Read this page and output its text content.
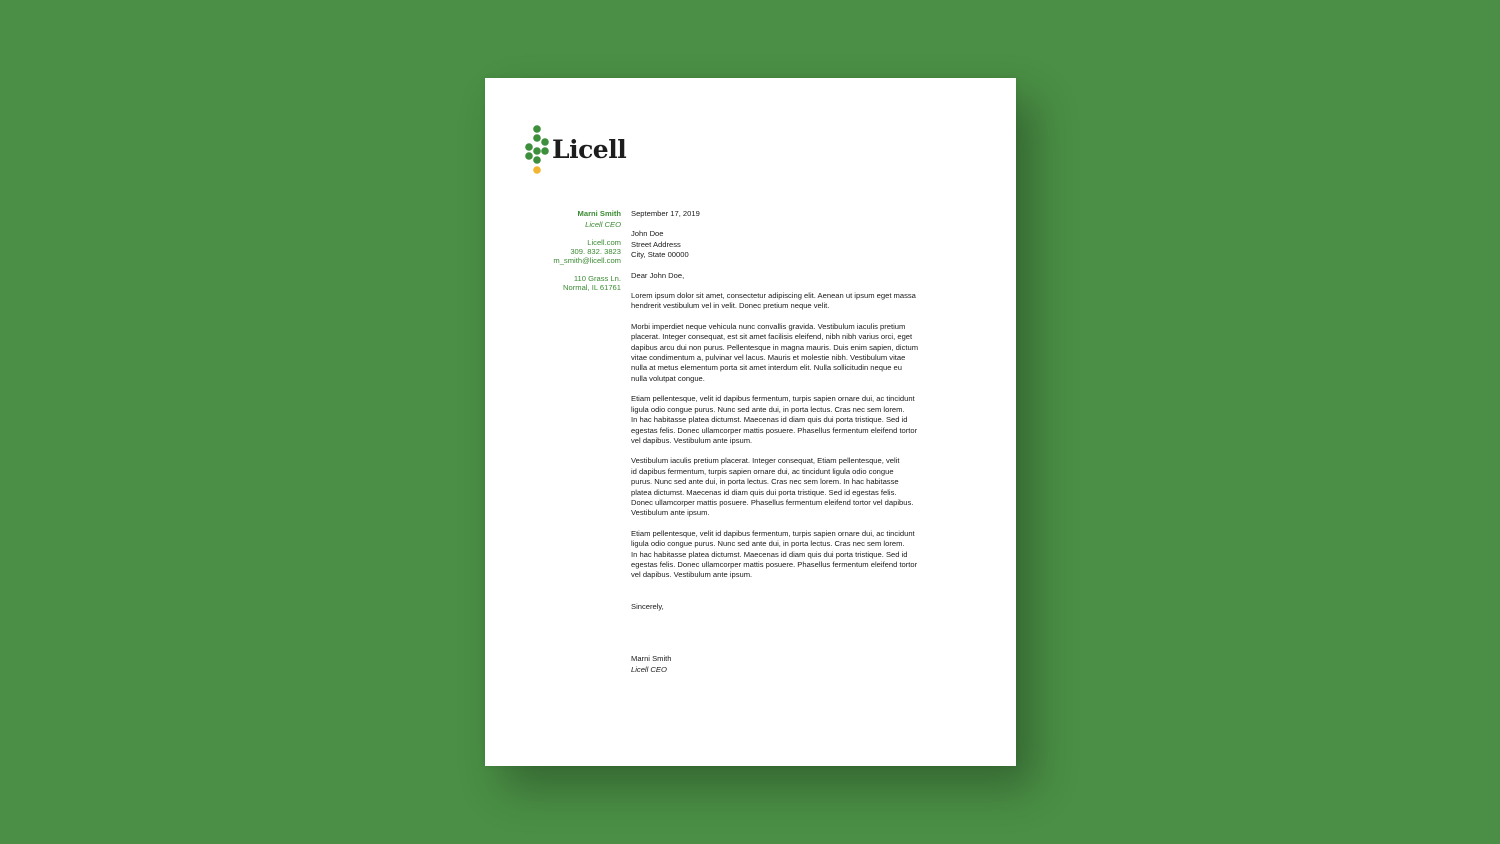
Licell
Marni Smith
Licell CEO
Licell.com
309. 832. 3823
m_smith@licell.com
110 Grass Ln.
Normal, IL 61761
September 17, 2019
John Doe
Street Address
City, State 00000
Dear John Doe,

Lorem ipsum dolor sit amet, consectetur adipiscing elit. Aenean ut ipsum eget massa
hendrerit vestibulum vel in velit. Donec pretium neque velit.

Morbi imperdiet neque vehicula nunc convallis gravida. Vestibulum iaculis pretium
placerat. Integer consequat, est sit amet facilisis eleifend, nibh nibh varius orci, eget
dapibus arcu dui non purus. Pellentesque in magna mauris. Duis enim sapien, dictum
vitae condimentum a, pulvinar vel lacus. Mauris et molestie nibh. Vestibulum vitae
nulla at metus elementum porta sit amet interdum elit. Nulla sollicitudin neque eu
nulla volutpat congue.

Etiam pellentesque, velit id dapibus fermentum, turpis sapien ornare dui, ac tincidunt
ligula odio congue purus. Nunc sed ante dui, in porta lectus. Cras nec sem lorem.
In hac habitasse platea dictumst. Maecenas id diam quis dui porta tristique. Sed id
egestas felis. Donec ullamcorper mattis posuere. Phasellus fermentum eleifend tortor
vel dapibus. Vestibulum ante ipsum.

Vestibulum iaculis pretium placerat. Integer consequat, Etiam pellentesque, velit
id dapibus fermentum, turpis sapien ornare dui, ac tincidunt ligula odio congue
purus. Nunc sed ante dui, in porta lectus. Cras nec sem lorem. In hac habitasse
platea dictumst. Maecenas id diam quis dui porta tristique. Sed id egestas felis.
Donec ullamcorper mattis posuere. Phasellus fermentum eleifend tortor vel dapibus.
Vestibulum ante ipsum.

Etiam pellentesque, velit id dapibus fermentum, turpis sapien ornare dui, ac tincidunt
ligula odio congue purus. Nunc sed ante dui, in porta lectus. Cras nec sem lorem.
In hac habitasse platea dictumst. Maecenas id diam quis dui porta tristique. Sed id
egestas felis. Donec ullamcorper mattis posuere. Phasellus fermentum eleifend tortor
vel dapibus. Vestibulum ante ipsum.

Sincerely,
Marni Smith
Licell CEO
